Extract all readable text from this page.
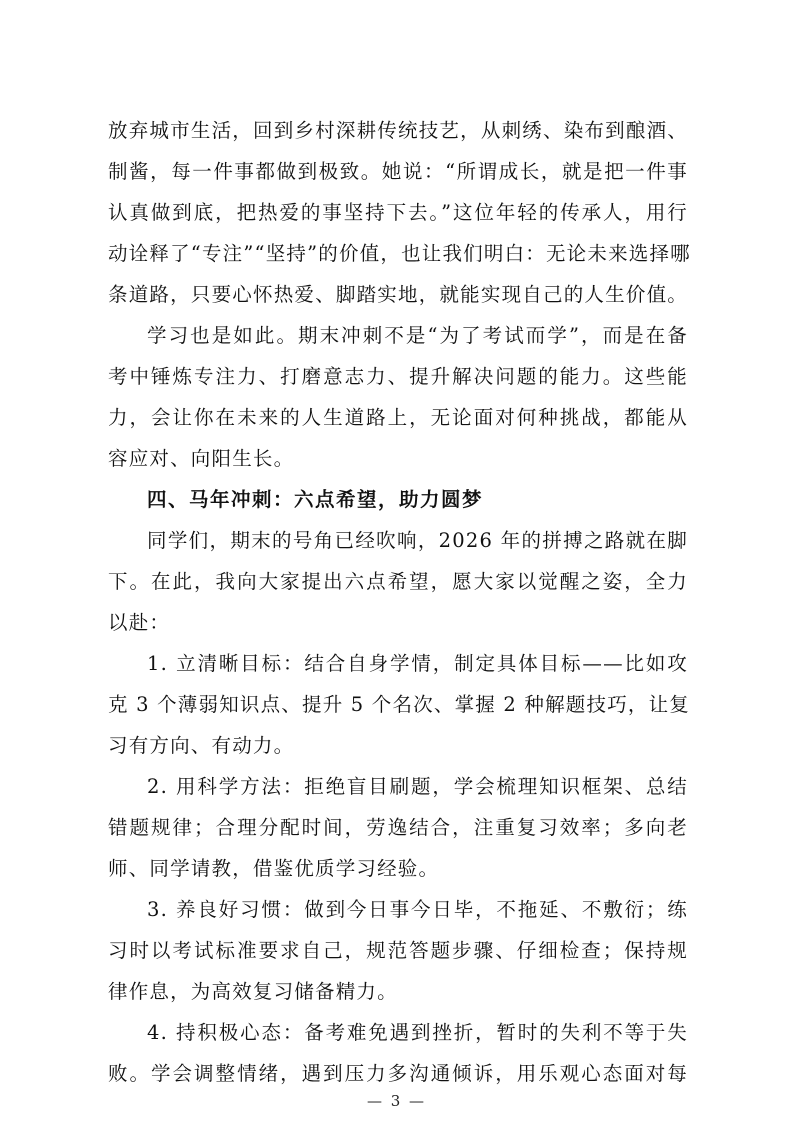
放弃城市生活，回到乡村深耕传统技艺，从刺绣、染布到酿酒、
制酱，每一件事都做到极致。她说：“所谓成长，就是把一件事
认真做到底，把热爱的事坚持下去。”这位年轻的传承人，用行
动诠释了“专注”“坚持”的价值，也让我们明白：无论未来选择哪
条道路，只要心怀热爱、脚踏实地，就能实现自己的人生价值。
学习也是如此。期末冲刺不是“为了考试而学”，而是在备
考中锤炼专注力、打磨意志力、提升解决问题的能力。这些能
力，会让你在未来的人生道路上，无论面对何种挑战，都能从
容应对、向阳生长。
四、马年冲刺：六点希望，助力圆梦
同学们，期末的号角已经吹响，2026 年的拼搏之路就在脚
下。在此，我向大家提出六点希望，愿大家以觉醒之姿，全力
以赴：
1. 立清晰目标：结合自身学情，制定具体目标——比如攻
克 3 个薄弱知识点、提升 5 个名次、掌握 2 种解题技巧，让复
习有方向、有动力。
2. 用科学方法：拒绝盲目刷题，学会梳理知识框架、总结
错题规律；合理分配时间，劳逸结合，注重复习效率；多向老
师、同学请教，借鉴优质学习经验。
3. 养良好习惯：做到今日事今日毕，不拖延、不敷衍；练
习时以考试标准要求自己，规范答题步骤、仔细检查；保持规
律作息，为高效复习储备精力。
4. 持积极心态：备考难免遇到挫折，暂时的失利不等于失
败。学会调整情绪，遇到压力多沟通倾诉，用乐观心态面对每
— 3 —
